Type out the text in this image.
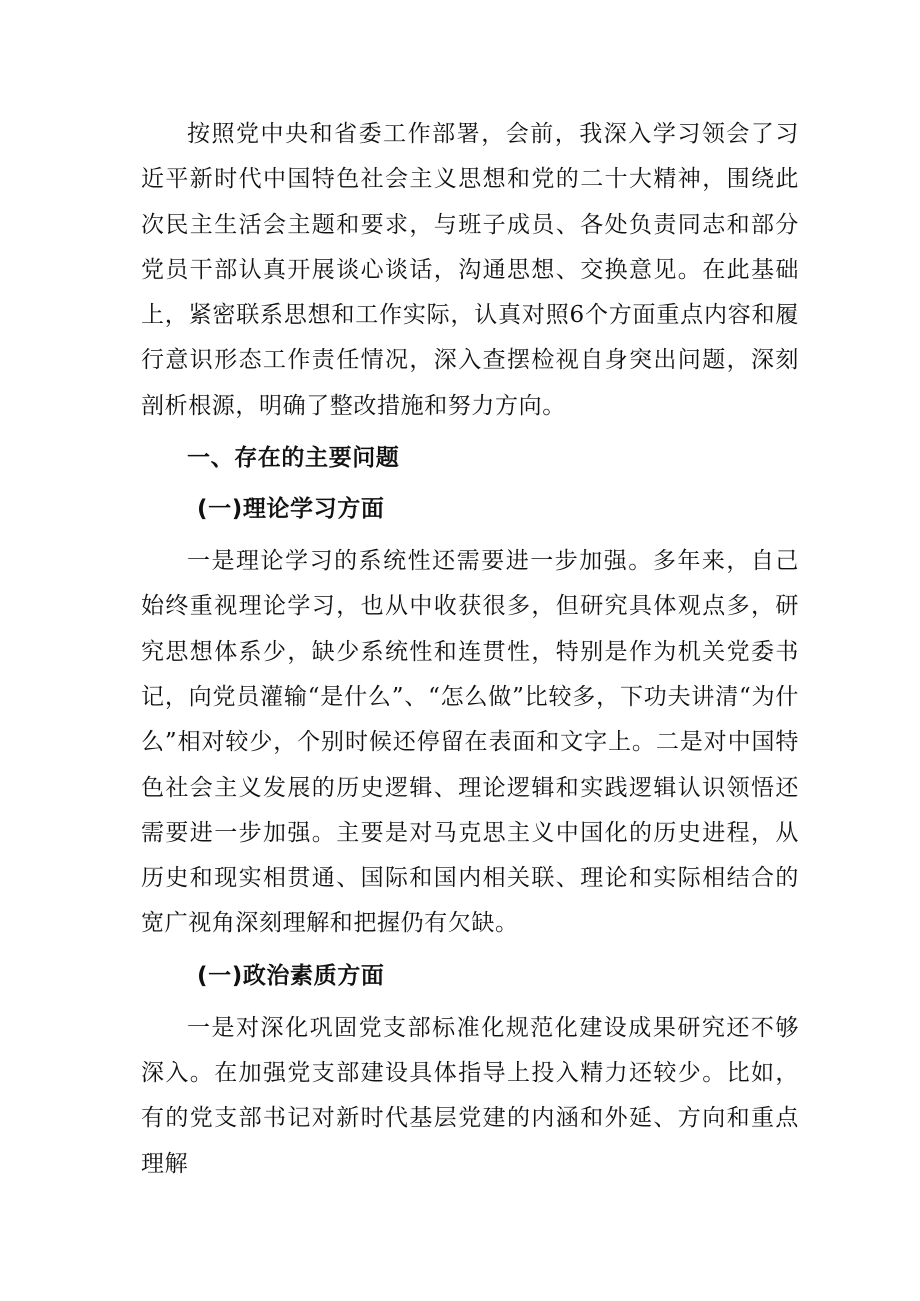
按照党中央和省委工作部署，会前，我深入学习领会了习近平新时代中国特色社会主义思想和党的二十大精神，围绕此次民主生活会主题和要求，与班子成员、各处负责同志和部分党员干部认真开展谈心谈话，沟通思想、交换意见。在此基础上，紧密联系思想和工作实际，认真对照6个方面重点内容和履行意识形态工作责任情况，深入查摆检视自身突出问题，深刻剖析根源，明确了整改措施和努力方向。

一、存在的主要问题

(一)理论学习方面

一是理论学习的系统性还需要进一步加强。多年来，自己始终重视理论学习，也从中收获很多，但研究具体观点多，研究思想体系少，缺少系统性和连贯性，特别是作为机关党委书记，向党员灌输“是什么”、“怎么做”比较多，下功夫讲清“为什么”相对较少，个别时候还停留在表面和文字上。二是对中国特色社会主义发展的历史逻辑、理论逻辑和实践逻辑认识领悟还需要进一步加强。主要是对马克思主义中国化的历史进程，从历史和现实相贯通、国际和国内相关联、理论和实际相结合的宽广视角深刻理解和把握仍有欠缺。

(一)政治素质方面

一是对深化巩固党支部标准化规范化建设成果研究还不够深入。在加强党支部建设具体指导上投入精力还较少。比如，有的党支部书记对新时代基层党建的内涵和外延、方向和重点理解
